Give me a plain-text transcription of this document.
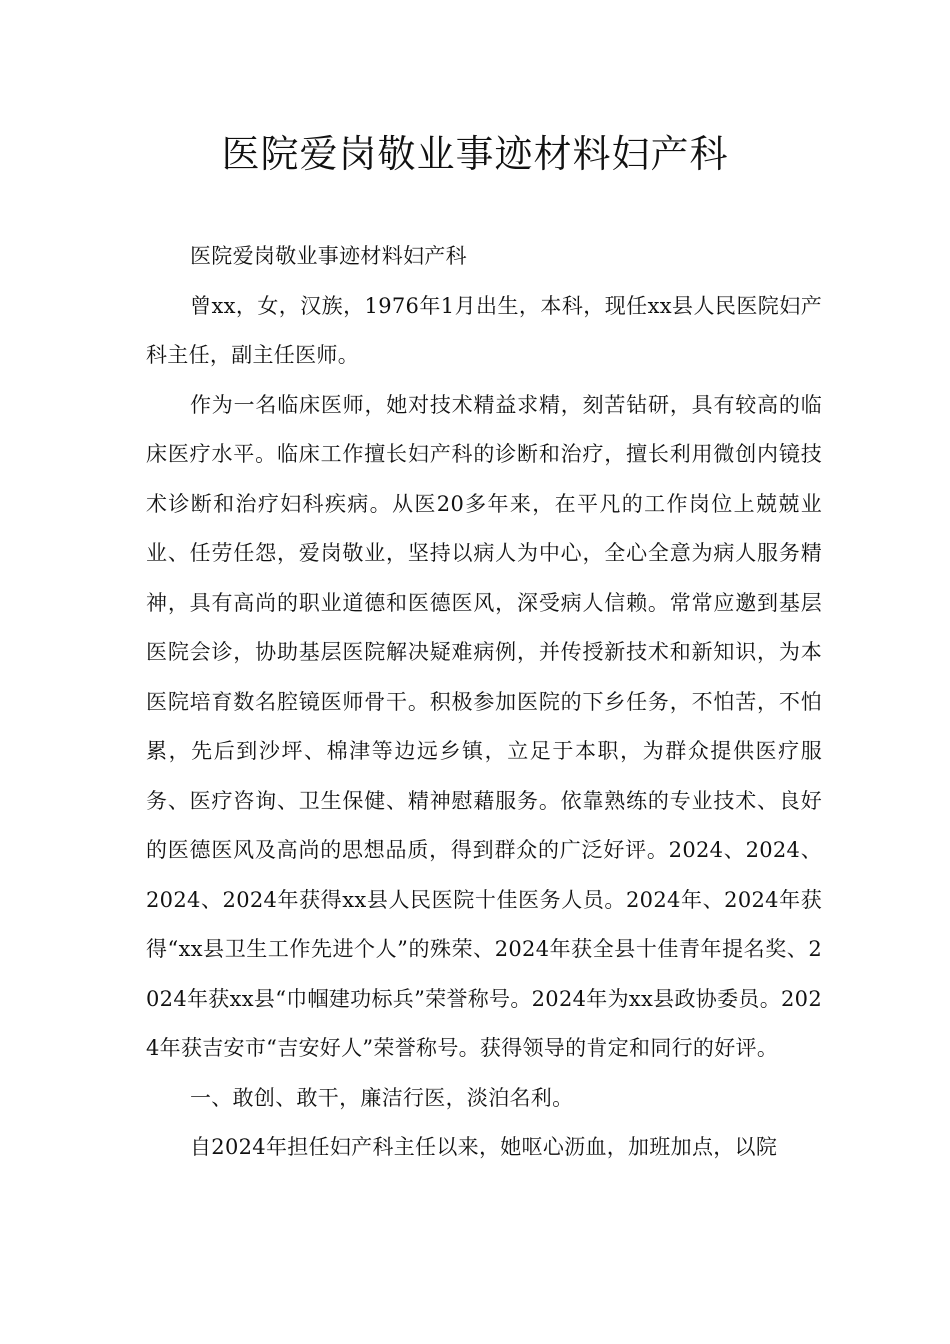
医院爱岗敬业事迹材料妇产科

医院爱岗敬业事迹材料妇产科

曾xx，女，汉族，1976年1月出生，本科，现任xx县人民医院妇产科主任，副主任医师。

作为一名临床医师，她对技术精益求精，刻苦钻研，具有较高的临床医疗水平。临床工作擅长妇产科的诊断和治疗，擅长利用微创内镜技术诊断和治疗妇科疾病。从医20多年来，在平凡的工作岗位上兢兢业业、任劳任怨，爱岗敬业，坚持以病人为中心，全心全意为病人服务精神，具有高尚的职业道德和医德医风，深受病人信赖。常常应邀到基层医院会诊，协助基层医院解决疑难病例，并传授新技术和新知识，为本医院培育数名腔镜医师骨干。积极参加医院的下乡任务，不怕苦，不怕累，先后到沙坪、棉津等边远乡镇，立足于本职，为群众提供医疗服务、医疗咨询、卫生保健、精神慰藉服务。依靠熟练的专业技术、良好的医德医风及高尚的思想品质，得到群众的广泛好评。2024、2024、2024、2024年获得xx县人民医院十佳医务人员。2024年、2024年获得“xx县卫生工作先进个人”的殊荣、2024年获全县十佳青年提名奖、2024年获xx县“巾帼建功标兵”荣誉称号。2024年为xx县政协委员。2024年获吉安市“吉安好人”荣誉称号。获得领导的肯定和同行的好评。

一、敢创、敢干，廉洁行医，淡泊名利。

自2024年担任妇产科主任以来，她呕心沥血，加班加点，以院
